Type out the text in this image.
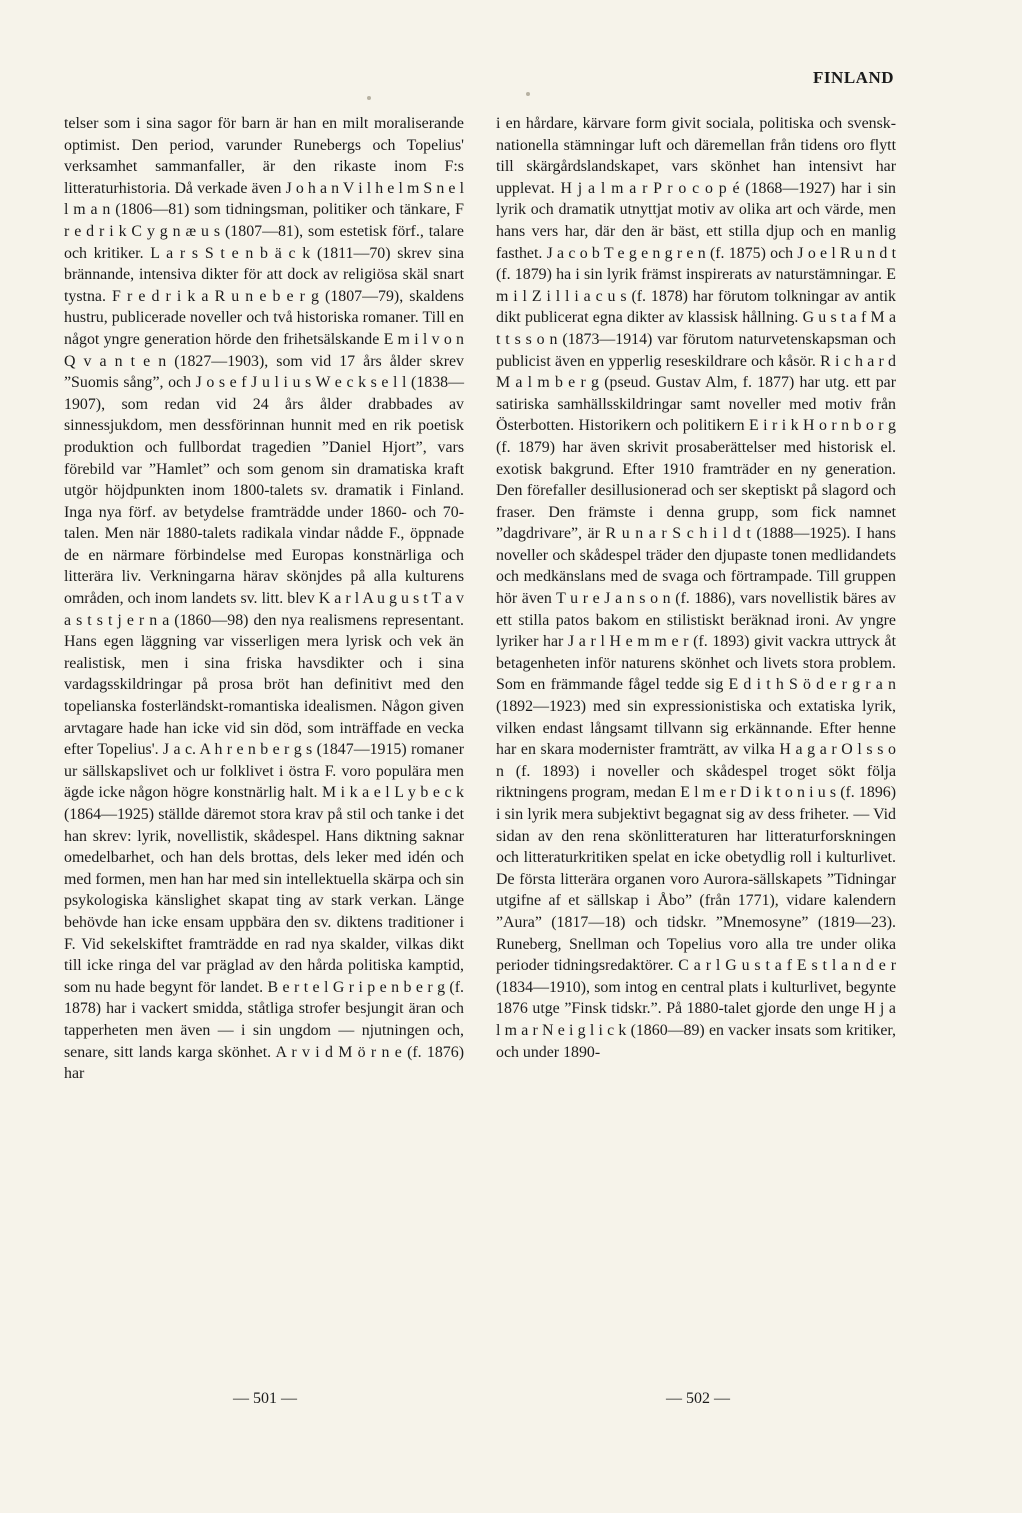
FINLAND

telser som i sina sagor för barn är han en milt moraliserande optimist. Den period, varunder Runebergs och Topelius' verksamhet sammanfaller, är den rikaste inom F:s litteraturhistoria. Då verkade även J o h a n V i l h e l m S n e l l m a n (1806—81) som tidningsman, politiker och tänkare, F r e d r i k C y g n æ u s (1807—81), som estetisk förf., talare och kritiker. L a r s S t e n b ä c k (1811—70) skrev sina brännande, intensiva dikter för att dock av religiösa skäl snart tystna. F r e d r i k a R u n e b e r g (1807—79), skaldens hustru, publicerade noveller och två historiska romaner. Till en något yngre generation hörde den frihetsälskande E m i l v o n Q v a n t e n (1827—1903), som vid 17 års ålder skrev ”Suomis sång”, och J o s e f J u l i u s W e c k s e l l (1838—1907), som redan vid 24 års ålder drabbades av sinnessjukdom, men dessförinnan hunnit med en rik poetisk produktion och fullbordat tragedien ”Daniel Hjort”, vars förebild var ”Hamlet” och som genom sin dramatiska kraft utgör höjdpunkten inom 1800-talets sv. dramatik i Finland. Inga nya förf. av betydelse framträdde under 1860- och 70-talen. Men när 1880-talets radikala vindar nådde F., öppnade de en närmare förbindelse med Europas konstnärliga och litterära liv. Verkningarna härav skönjdes på alla kulturens områden, och inom landets sv. litt. blev K a r l A u g u s t T a v a s t s t j e r n a (1860—98) den nya realismens representant. Hans egen läggning var visserligen mera lyrisk och vek än realistisk, men i sina friska havsdikter och i sina vardagsskildringar på prosa bröt han definitivt med den topelianska fosterländskt-romantiska idealismen. Någon given arvtagare hade han icke vid sin död, som inträffade en vecka efter Topelius'. J a c. A h r e n b e r g s (1847—1915) romaner ur sällskapslivet och ur folklivet i östra F. voro populära men ägde icke någon högre konstnärlig halt. M i k a e l L y b e c k (1864—1925) ställde däremot stora krav på stil och tanke i det han skrev: lyrik, novellistik, skådespel. Hans diktning saknar omedelbarhet, och han dels brottas, dels leker med idén och med formen, men han har med sin intellektuella skärpa och sin psykologiska känslighet skapat ting av stark verkan. Länge behövde han icke ensam uppbära den sv. diktens traditioner i F. Vid sekelskiftet framträdde en rad nya skalder, vilkas dikt till icke ringa del var präglad av den hårda politiska kamptid, som nu hade begynt för landet. B e r t e l G r i p e n b e r g (f. 1878) har i vackert smidda, ståtliga strofer besjungit äran och tapperheten men även — i sin ungdom — njutningen och, senare, sitt lands karga skönhet. A r v i d M ö r n e (f. 1876) har

i en hårdare, kärvare form givit sociala, politiska och svensk-nationella stämningar luft och däremellan från tidens oro flytt till skärgårdslandskapet, vars skönhet han intensivt har upplevat. H j a l m a r P r o c o p é (1868—1927) har i sin lyrik och dramatik utnyttjat motiv av olika art och värde, men hans vers har, där den är bäst, ett stilla djup och en manlig fasthet. J a c o b T e g e n g r e n (f. 1875) och J o e l R u n d t (f. 1879) ha i sin lyrik främst inspirerats av naturstämningar. E m i l Z i l l i a c u s (f. 1878) har förutom tolkningar av antik dikt publicerat egna dikter av klassisk hållning. G u s t a f M a t t s s o n (1873—1914) var förutom naturvetenskapsman och publicist även en ypperlig reseskildrare och kåsör. R i c h a r d M a l m b e r g (pseud. Gustav Alm, f. 1877) har utg. ett par satiriska samhällsskildringar samt noveller med motiv från Österbotten. Historikern och politikern E i r i k H o r n b o r g (f. 1879) har även skrivit prosaberättelser med historisk el. exotisk bakgrund. Efter 1910 framträder en ny generation. Den förefaller desillusionerad och ser skeptiskt på slagord och fraser. Den främste i denna grupp, som fick namnet ”dagdrivare”, är R u n a r S c h i l d t (1888—1925). I hans noveller och skådespel träder den djupaste tonen medlidandets och medkänslans med de svaga och förtrampade. Till gruppen hör även T u r e J a n s o n (f. 1886), vars novellistik bäres av ett stilla patos bakom en stilistiskt beräknad ironi. Av yngre lyriker har J a r l H e m m e r (f. 1893) givit vackra uttryck åt betagenheten inför naturens skönhet och livets stora problem. Som en främmande fågel tedde sig E d i t h S ö d e r g r a n (1892—1923) med sin expressionistiska och extatiska lyrik, vilken endast långsamt tillvann sig erkännande. Efter henne har en skara modernister framträtt, av vilka H a g a r O l s s o n (f. 1893) i noveller och skådespel troget sökt följa riktningens program, medan E l m e r D i k t o n i u s (f. 1896) i sin lyrik mera subjektivt begagnat sig av dess friheter. — Vid sidan av den rena skönlitteraturen har litteraturforskningen och litteraturkritiken spelat en icke obetydlig roll i kulturlivet. De första litterära organen voro Aurora-sällskapets ”Tidningar utgifne af et sällskap i Åbo” (från 1771), vidare kalendern ”Aura” (1817—18) och tidskr. ”Mnemosyne” (1819—23). Runeberg, Snellman och Topelius voro alla tre under olika perioder tidningsredaktörer. C a r l G u s t a f E s t l a n d e r (1834—1910), som intog en central plats i kulturlivet, begynte 1876 utge ”Finsk tidskr.”. På 1880-talet gjorde den unge H j a l m a r N e i g l i c k (1860—89) en vacker insats som kritiker, och under 1890-

— 501 —	— 502 —
